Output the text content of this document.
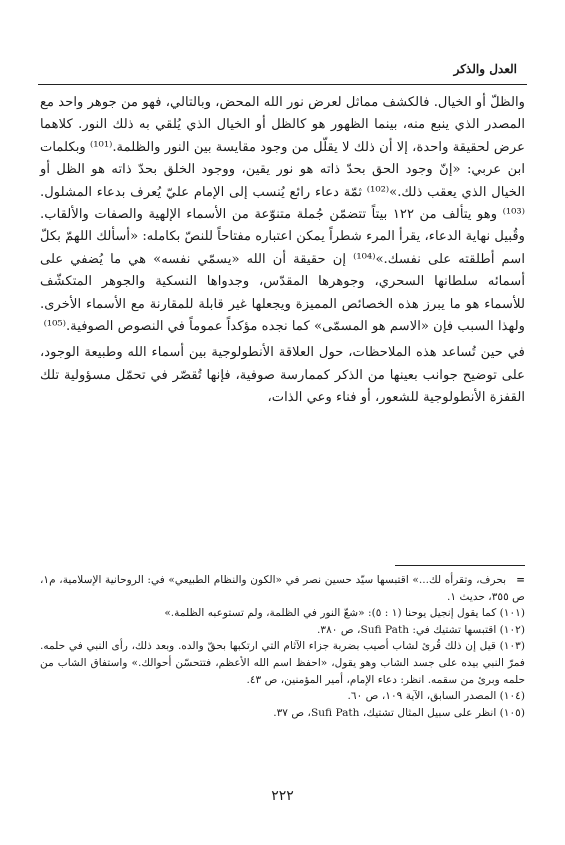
العدل والذكر

والظلّ أو الخيال. فالكشف مماثل لعرض نور الله المحض، وبالتالي، فهو من جوهر واحد مع المصدر الذي ينبع منه، بينما الظهور هو كالظل أو الخيال الذي يُلقي به ذلك النور. كلاهما عرض لحقيقة واحدة، إلا أن ذلك لا يقلّل من وجود مقايسة بين النور والظلمة.⁽¹⁰¹⁾ وبكلمات ابن عربي: «إنّ وجود الحق بحدّ ذاته هو نور يقين، ووجود الخلق بحدّ ذاته هو الظل أو الخيال الذي يعقب ذلك.»⁽¹⁰²⁾ ثمّة دعاء رائع يُنسب إلى الإمام عليّ يُعرف بدعاء المشلول.⁽¹⁰³⁾ وهو يتألف من ١٢٢ بيتاً تتضمّن جُملة متنوّعة من الأسماء الإلهية والصفات والألقاب. وقُبيل نهاية الدعاء، يقرأ المرء شطراً يمكن اعتباره مفتاحاً للنصّ بكامله: «أسألك اللهمّ بكلّ اسم أطلقته على نفسك.»⁽¹⁰⁴⁾ إن حقيقة أن الله «يسمّي نفسه» هي ما يُضفي على أسمائه سلطانها السحري، وجوهرها المقدّس، وجدواها النسكية والجوهر المتكشّف للأسماء هو ما يبرز هذه الخصائص المميزة ويجعلها غير قابلة للمقارنة مع الأسماء الأخرى. ولهذا السبب فإن «الاسم هو المسمّى» كما نجده مؤكداً عموماً في النصوص الصوفية.⁽¹⁰⁵⁾

في حين تُساعد هذه الملاحظات، حول العلاقة الأنطولوجية بين أسماء الله وطبيعة الوجود، على توضيح جوانب بعينها من الذكر كممارسة صوفية، فإنها تُقصّر في تحمّل مسؤولية تلك القفزة الأنطولوجية للشعور، أو فناء وعي الذات،

=بحرف، وتقرأه لك...» اقتبسها سيّد حسين نصر في «الكون والنظام الطبيعي» في: الروحانية الإسلامية، م١، ص ٣٥٥، حديث ١.

(١٠١) كما يقول إنجيل يوحنا (١ : ٥): «شعّ النور في الظلمة، ولم تستوعبه الظلمة.»

(١٠٢) اقتبسها تشتيك في: Sufi Path، ص ٣٨٠.

(١٠٣) قيل إن ذلك قُرئ لشاب أصيب بضربة جزاء الآثام التي ارتكبها بحقّ والده. وبعد ذلك، رأى النبي في حلمه. فمرّ النبي بيده على جسد الشاب وهو يقول، «احفظ اسم الله الأعظم، فتتحسّن أحوالك.» واستفاق الشاب من حلمه وبرئ من سقمه. انظر: دعاء الإمام، أمير المؤمنين، ص ٤٣.

(١٠٤) المصدر السابق، الآية ١٠٩، ص ٦٠.

(١٠٥) انظر على سبيل المثال تشتيك، Sufi Path، ص ٣٧.

٢٢٢
